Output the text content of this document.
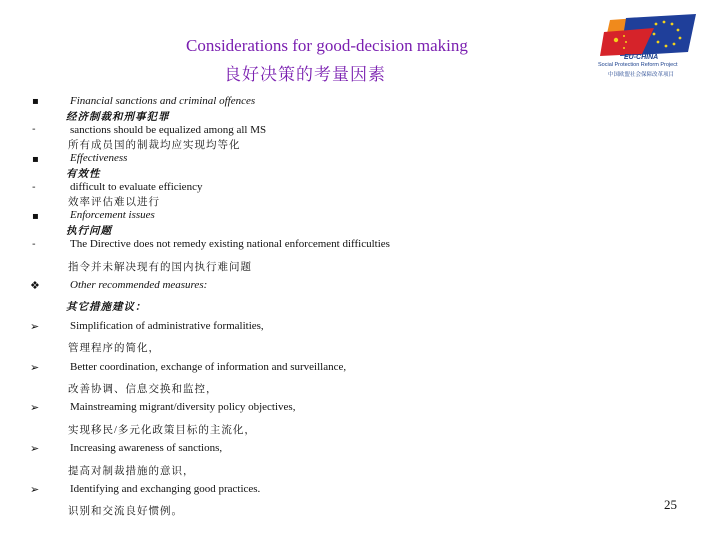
Considerations for good-decision making
良好决策的考量因素
EU-CHINA
Social Protection Reform Project
中国欧盟社会保障改革项目
▪	Financial sanctions and criminal offences
经济制裁和刑事犯罪
-	sanctions should be equalized among all MS
所有成员国的制裁均应实现均等化
▪	Effectiveness
有效性
-	difficult to evaluate efficiency
效率评估难以进行
▪	Enforcement issues
执行问题
-	The Directive does not remedy existing national enforcement difficulties
指令并未解决现有的国内执行难问题
❖	Other recommended measures:
其它措施建议：
➢	Simplification of administrative formalities,
管理程序的简化，
➢	Better coordination, exchange of information and surveillance,
改善协调、信息交换和监控，
➢	Mainstreaming migrant/diversity policy objectives,
实现移民/多元化政策目标的主流化，
➢	Increasing awareness of sanctions,
提高对制裁措施的意识，
➢	Identifying and exchanging good practices.
识别和交流良好惯例。	25
